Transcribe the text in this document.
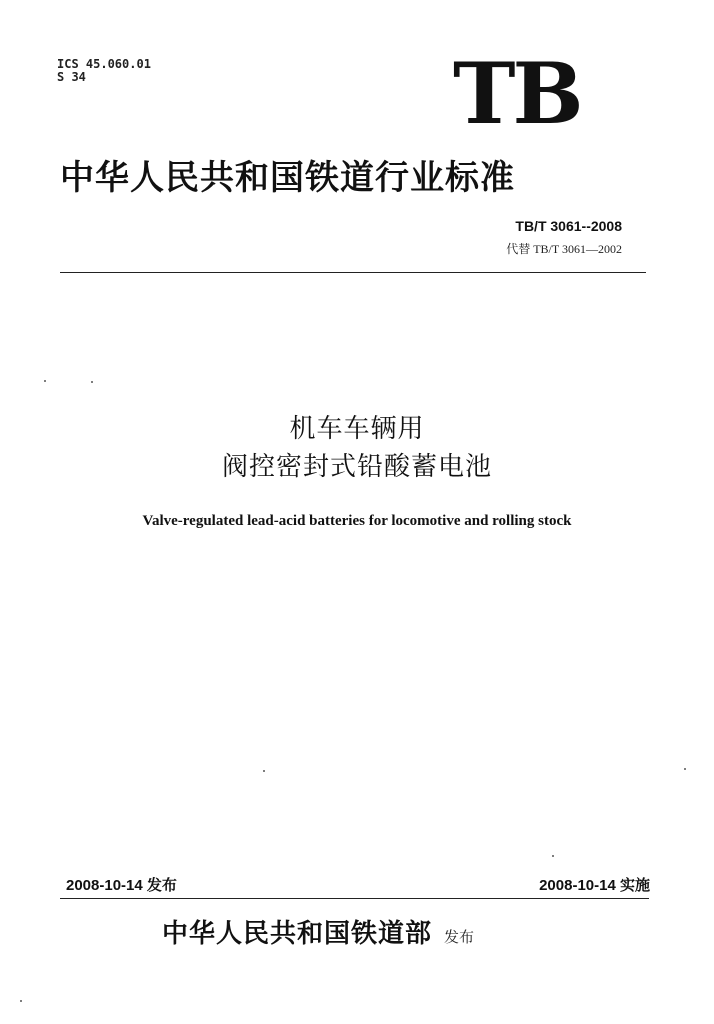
ICS 45.060.01
S 34	TB
中华人民共和国铁道行业标准
TB/T 3061--2008
代替 TB/T 3061—2002
机车车辆用
阀控密封式铅酸蓄电池
Valve-regulated lead-acid batteries for locomotive and rolling stock
2008-10-14 发布	2008-10-14 实施
中华人民共和国铁道部 发布
